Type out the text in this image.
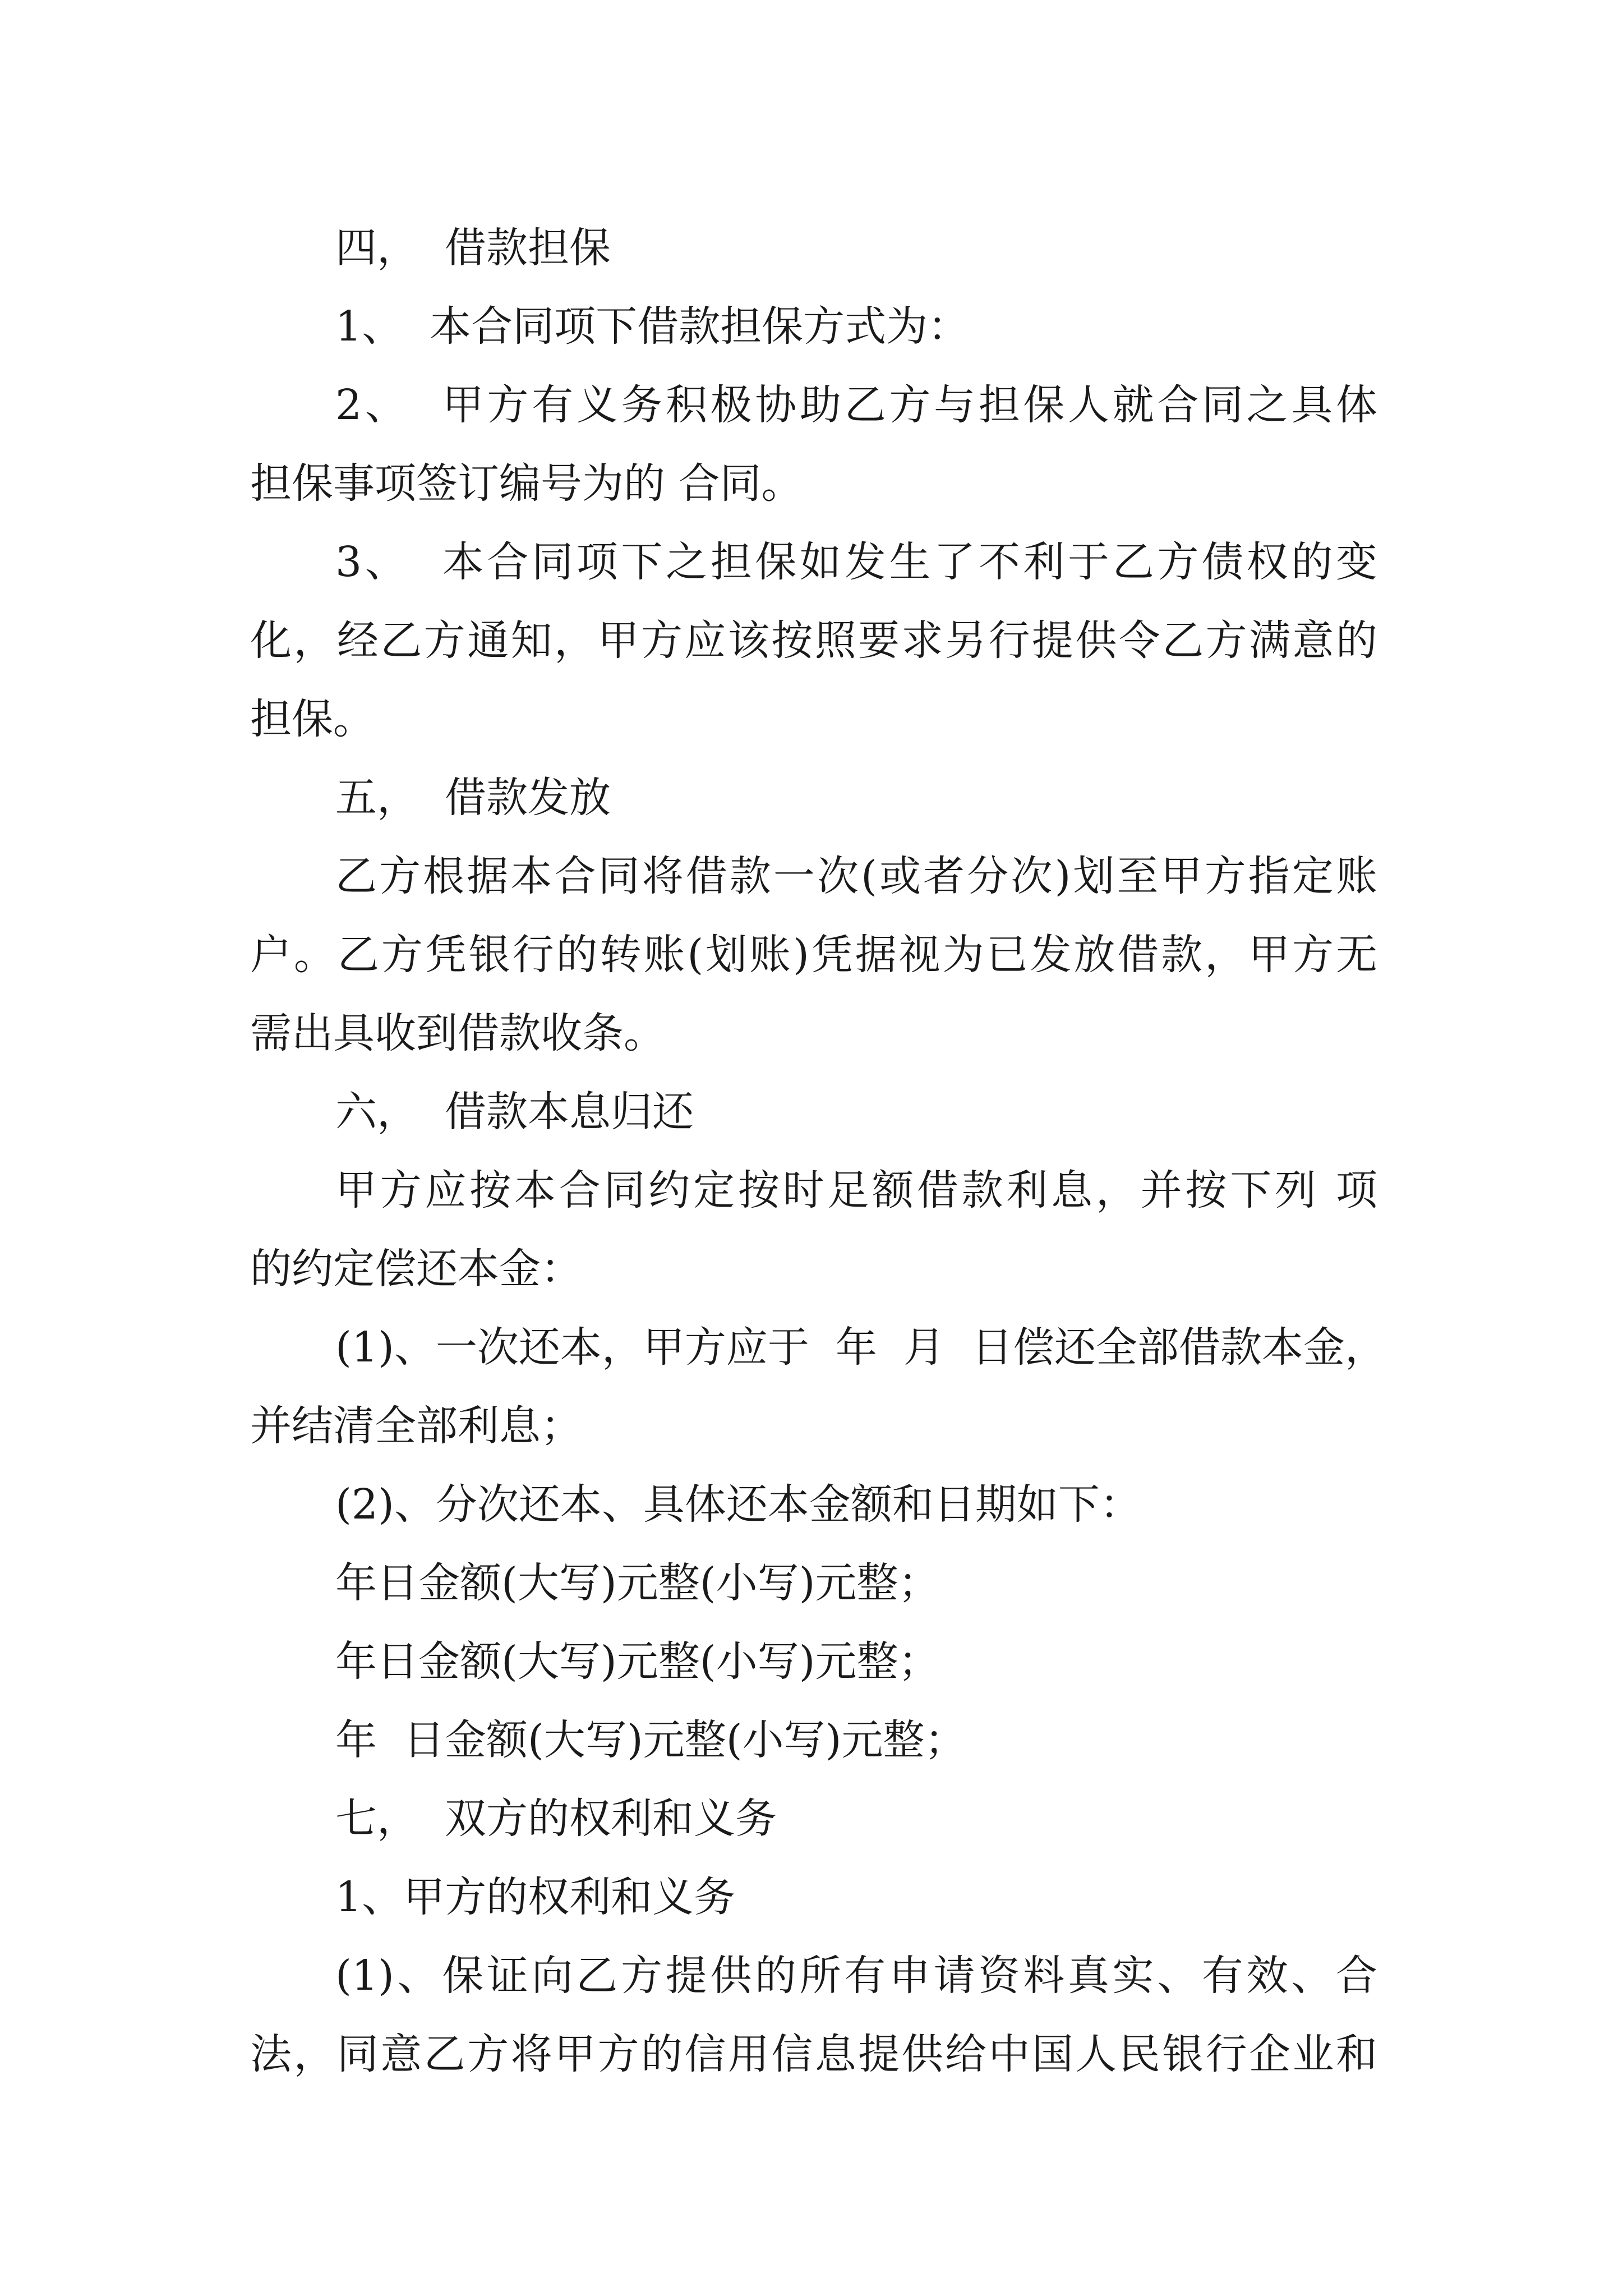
四，  借款担保
1、  本合同项下借款担保方式为：
2、  甲方有义务积极协助乙方与担保人就合同之具体
担保事项签订编号为的 合同。
3、  本合同项下之担保如发生了不利于乙方债权的变
化，经乙方通知，甲方应该按照要求另行提供令乙方满意的
担保。
五，  借款发放
乙方根据本合同将借款一次(或者分次)划至甲方指定账
户。乙方凭银行的转账(划账)凭据视为已发放借款，甲方无
需出具收到借款收条。
六，  借款本息归还
甲方应按本合同约定按时足额借款利息，并按下列 项
的约定偿还本金：
(1)、一次还本，甲方应于  年  月  日偿还全部借款本金，
并结清全部利息；
(2)、分次还本、具体还本金额和日期如下：
年日金额(大写)元整(小写)元整；
年日金额(大写)元整(小写)元整；
年  日金额(大写)元整(小写)元整；
七，  双方的权利和义务
1、甲方的权利和义务
(1)、保证向乙方提供的所有申请资料真实、有效、合
法，同意乙方将甲方的信用信息提供给中国人民银行企业和
